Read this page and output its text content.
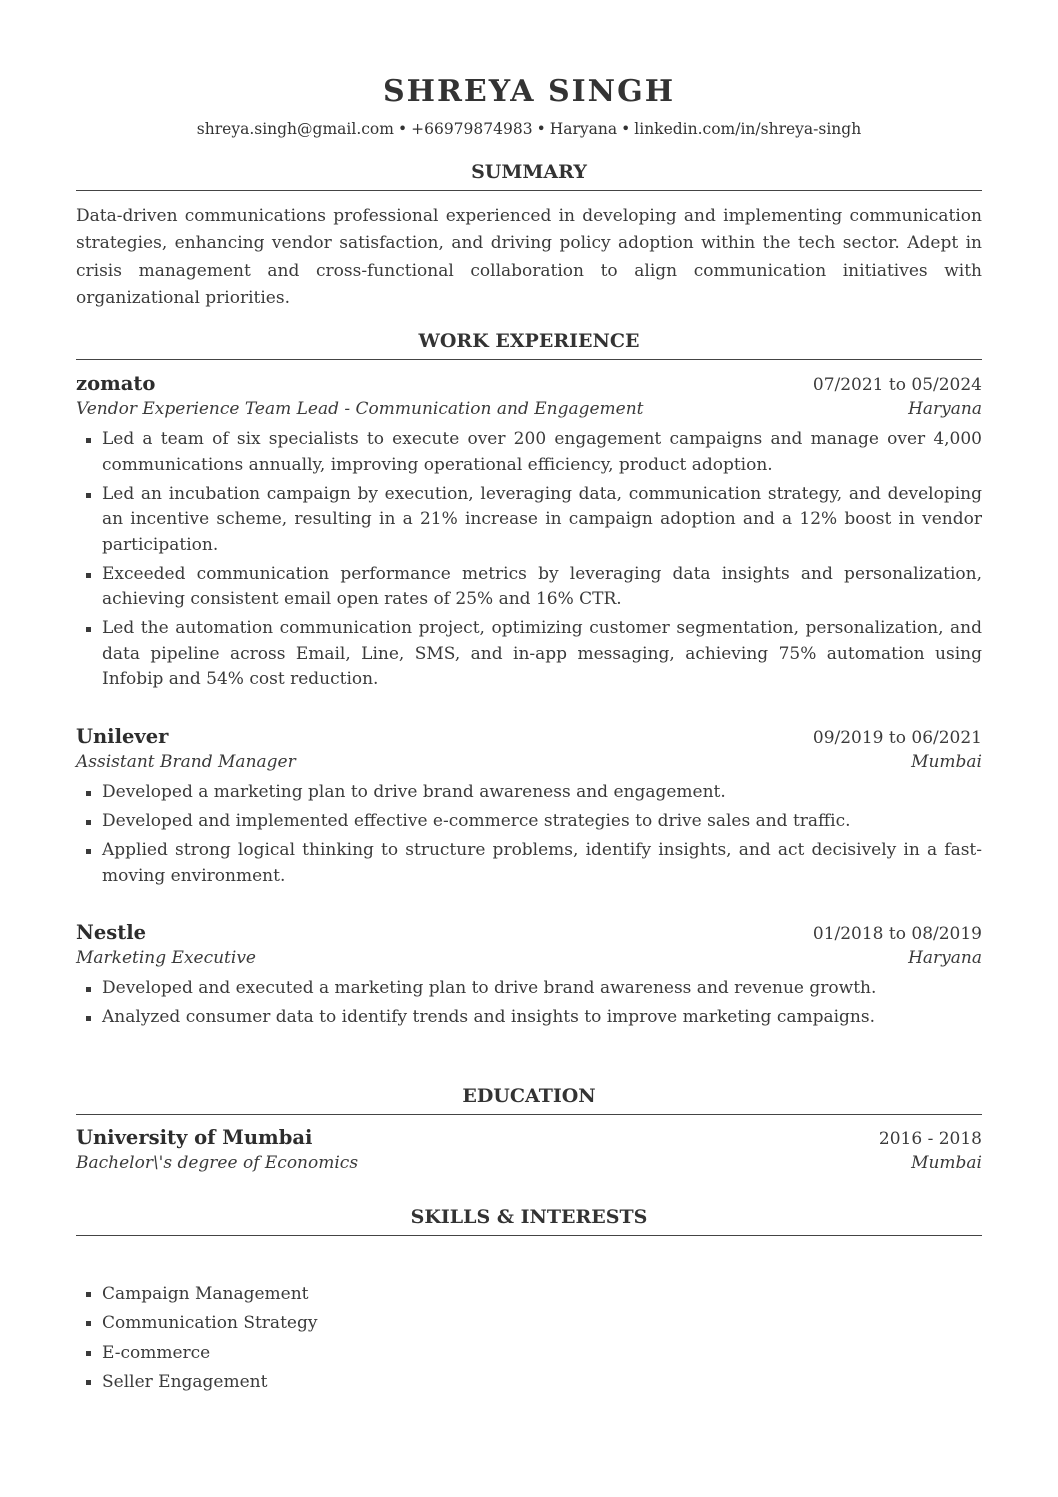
SHREYA SINGH
shreya.singh@gmail.com • +66979874983 • Haryana • linkedin.com/in/shreya-singh
SUMMARY
Data-driven communications professional experienced in developing and implementing communication strategies, enhancing vendor satisfaction, and driving policy adoption within the tech sector. Adept in crisis management and cross-functional collaboration to align communication initiatives with organizational priorities.
WORK EXPERIENCE
zomato	07/2021 to 05/2024
Vendor Experience Team Lead - Communication and Engagement	Haryana
Led a team of six specialists to execute over 200 engagement campaigns and manage over 4,000 communications annually, improving operational efficiency, product adoption.
Led an incubation campaign by execution, leveraging data, communication strategy, and developing an incentive scheme, resulting in a 21% increase in campaign adoption and a 12% boost in vendor participation.
Exceeded communication performance metrics by leveraging data insights and personalization, achieving consistent email open rates of 25% and 16% CTR.
Led the automation communication project, optimizing customer segmentation, personalization, and data pipeline across Email, Line, SMS, and in-app messaging, achieving 75% automation using Infobip and 54% cost reduction.
Unilever	09/2019 to 06/2021
Assistant Brand Manager	Mumbai
Developed a marketing plan to drive brand awareness and engagement.
Developed and implemented effective e-commerce strategies to drive sales and traffic.
Applied strong logical thinking to structure problems, identify insights, and act decisively in a fast-moving environment.
Nestle	01/2018 to 08/2019
Marketing Executive	Haryana
Developed and executed a marketing plan to drive brand awareness and revenue growth.
Analyzed consumer data to identify trends and insights to improve marketing campaigns.
EDUCATION
University of Mumbai	2016 - 2018
Bachelor\'s degree of Economics	Mumbai
SKILLS & INTERESTS
Campaign Management
Communication Strategy
E-commerce
Seller Engagement
